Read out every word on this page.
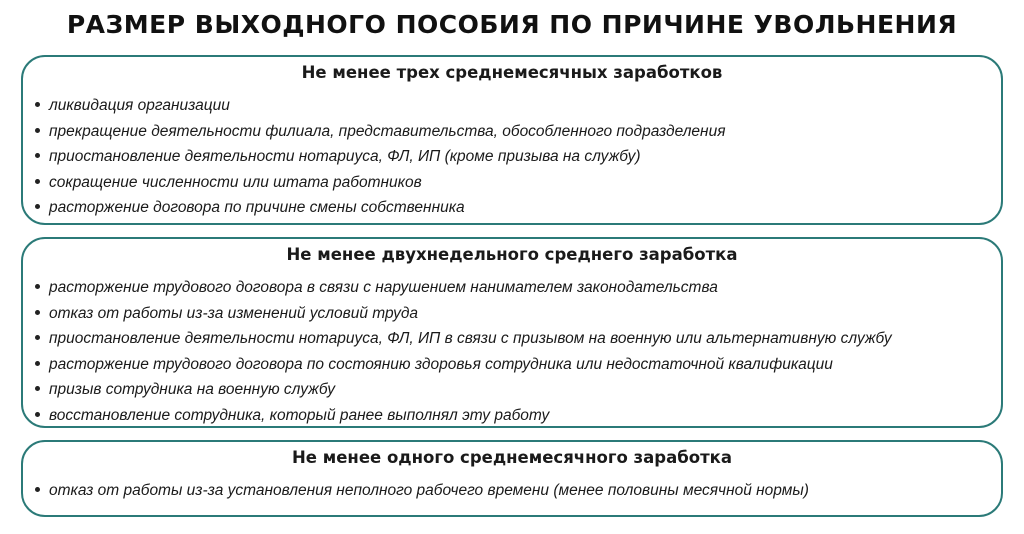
РАЗМЕР ВЫХОДНОГО ПОСОБИЯ ПО ПРИЧИНЕ УВОЛЬНЕНИЯ
Не менее трех среднемесячных заработков
ликвидация организации
прекращение деятельности филиала, представительства, обособленного подразделения
приостановление деятельности нотариуса, ФЛ, ИП (кроме призыва на службу)
сокращение численности или штата работников
расторжение договора по причине смены собственника
Не менее двухнедельного среднего заработка
расторжение трудового договора в связи с нарушением нанимателем законодательства
отказ от работы из-за изменений условий труда
приостановление деятельности нотариуса, ФЛ, ИП в связи с призывом на военную или альтернативную службу
расторжение трудового договора по состоянию здоровья сотрудника или недостаточной квалификации
призыв сотрудника на военную службу
восстановление сотрудника, который ранее выполнял эту работу
Не менее одного среднемесячного заработка
отказ от работы из-за установления неполного рабочего времени (менее половины месячной нормы)
